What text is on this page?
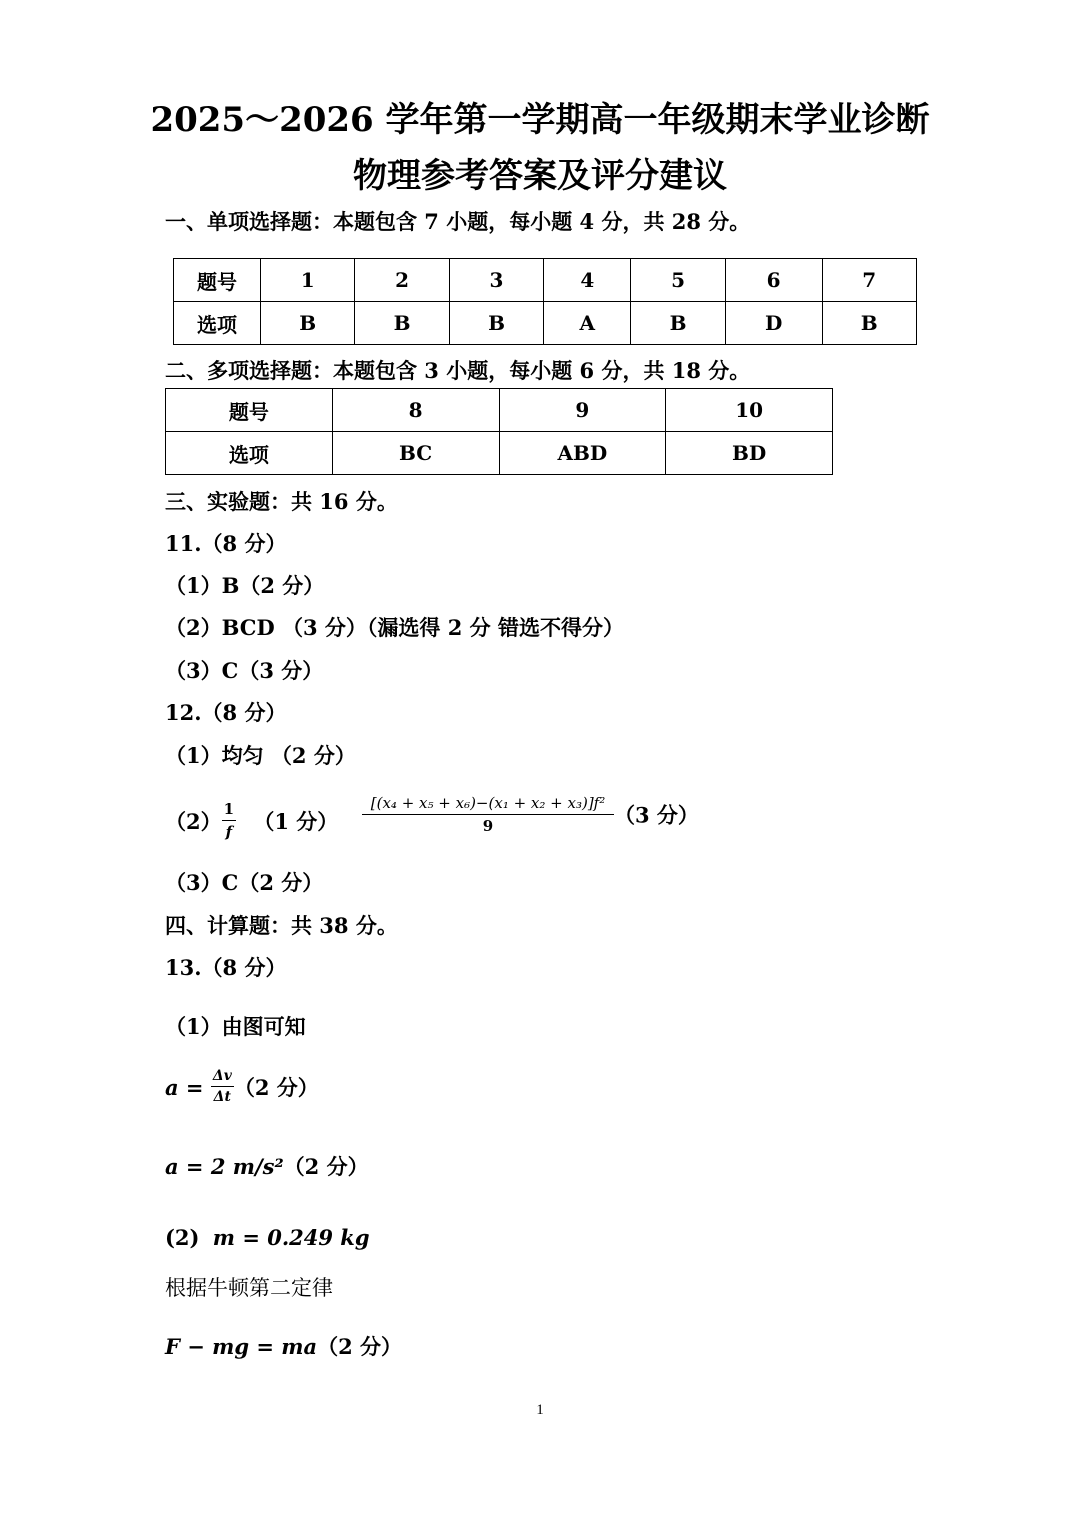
2025～2026 学年第一学期高一年级期末学业诊断
物理参考答案及评分建议
一、单项选择题：本题包含 7 小题，每小题 4 分，共 28 分。
题号	1	2	3	4	5	6	7
选项	B	B	B	A	B	D	B
二、多项选择题：本题包含 3 小题，每小题 6 分，共 18 分。
题号	8	9	10
选项	BC	ABD	BD
三、实验题：共 16 分。
11.（8 分）
（1）B（2 分）
（2）BCD （3 分）（漏选得 2 分 错选不得分）
（3）C（3 分）
12.（8 分）
（1）均匀 （2 分）
$(2) \frac{1}{f} (1$ 分） $\frac{\text{[(x₄ + x₅ + x₆)−(x₁ + x₂ + x₃)]f²}}{9} (3$ 分）
（3）C（2 分）
四、计算题：共 38 分。
13.（8 分）
（1）由图可知
$a = \frac{\Delta v}{\Delta t} (2$ 分）
a = 2 m/s²（2 分）
(2) m = 0.249 kg
根据牛顿第二定律
F − mg = ma（2 分）
1
